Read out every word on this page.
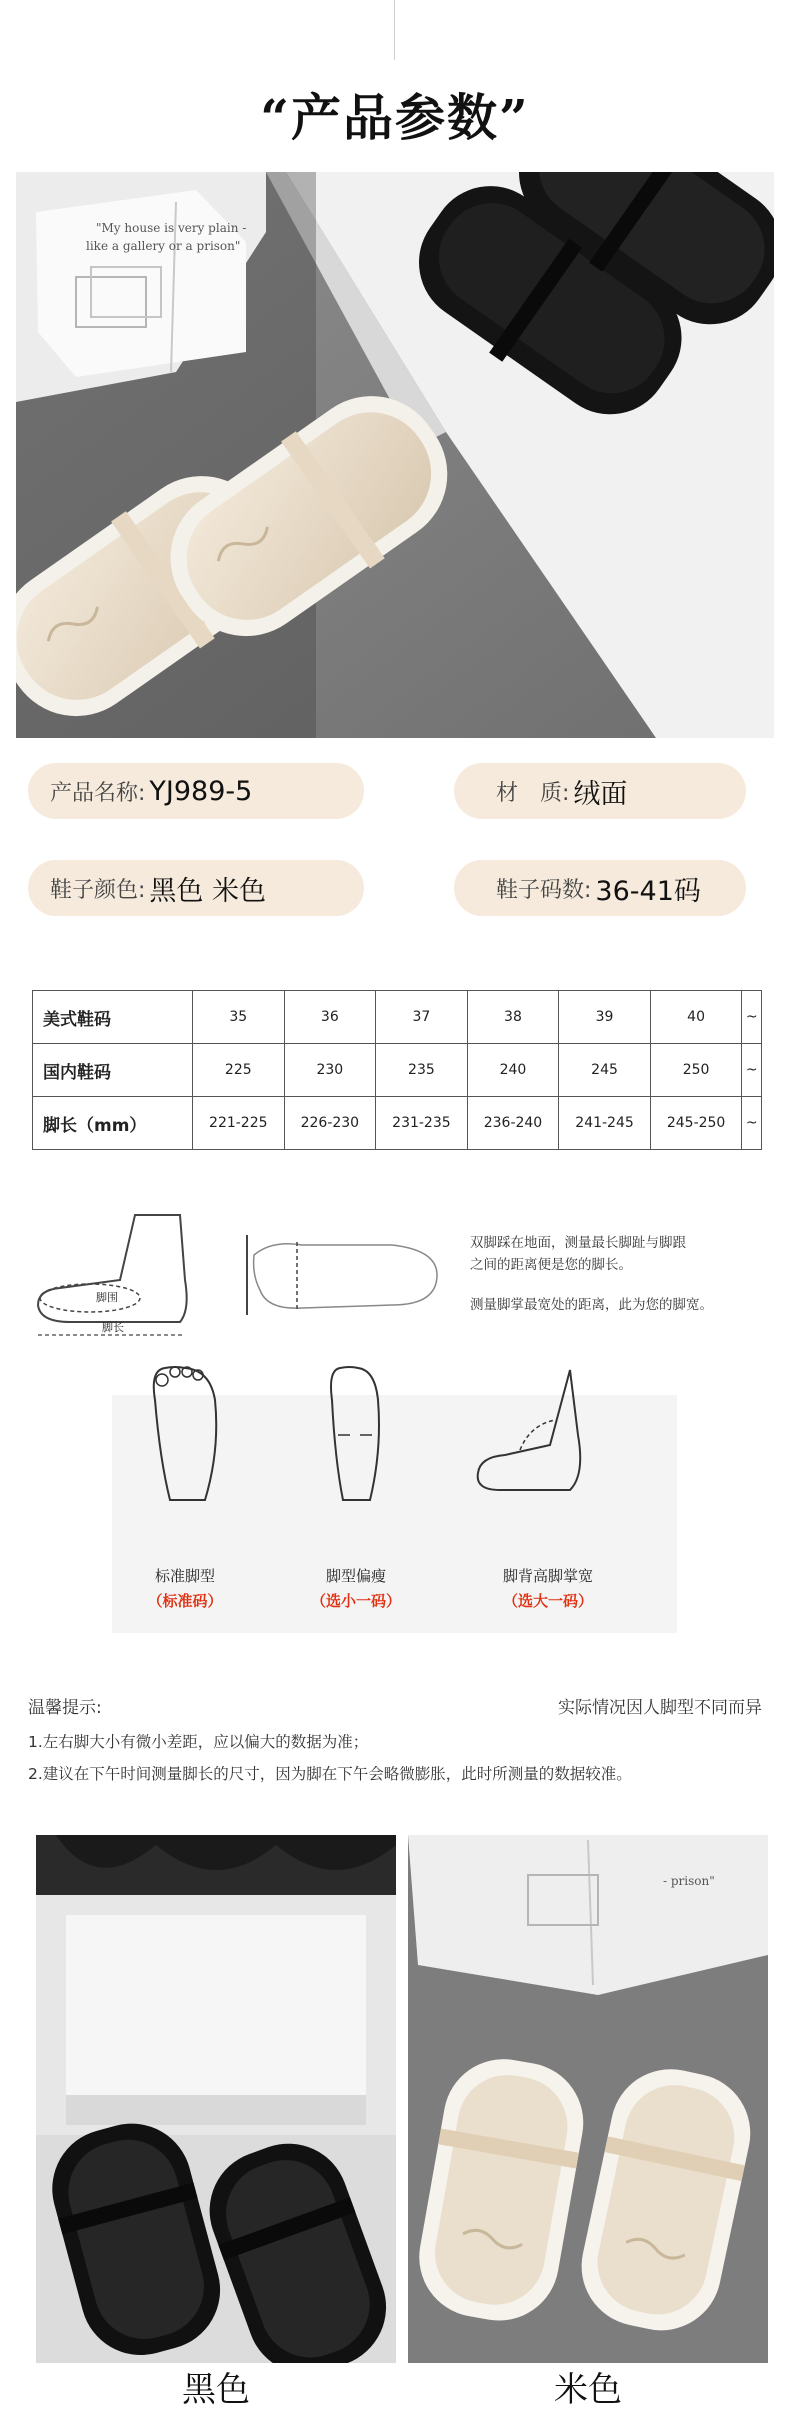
“产品参数”
"My house is very plain -
like a gallery or a prison"
产品名称: YJ989-5	材　质: 绒面
鞋子颜色: 黑色 米色	鞋子码数: 36-41码
美式鞋码	35	36	37	38	39	40	~
国内鞋码	225	230	235	240	245	250	~
脚长（mm）	221-225	226-230	231-235	236-240	241-245	245-250	~
脚围
脚长
双脚踩在地面，测量最长脚趾与脚跟
之间的距离便是您的脚长。
测量脚掌最宽处的距离，此为您的脚宽。
标准脚型
（标准码）
脚型偏瘦
（选小一码）
脚背高脚掌宽
（选大一码）
温馨提示:	实际情况因人脚型不同而异
1.左右脚大小有微小差距，应以偏大的数据为准；
2.建议在下午时间测量脚长的尺寸，因为脚在下午会略微膨胀，此时所测量的数据较准。
- prison"
黑色	米色
